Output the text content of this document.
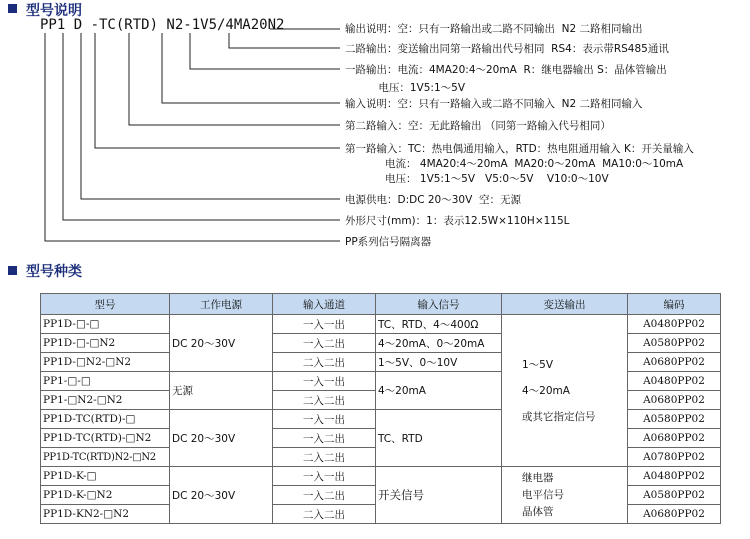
型号说明
PP1 D -TC(RTD) N2-1V5/4MA20N2	输出说明：空：只有一路输出或二路不同输出  N2 二路相同输出
二路输出：变送输出同第一路输出代号相同  RS4：表示带RS485通讯
一路输出：电流：4MA20:4～20mA  R：继电器输出 S：晶体管输出
电压：1V5:1～5V
输入说明：空：只有一路输入或二路不同输入  N2 二路相同输入
第二路输入：空：无此路输出 （同第一路输入代号相同）
第一路输入：TC：热电偶通用输入，RTD：热电阻通用输入 K：开关量输入
电流： 4MA20:4～20mA  MA20:0～20mA  MA10:0～10mA
电压： 1V5:1～5V   V5:0～5V    V10:0～10V
电源供电：D:DC 20～30V  空：无源
外形尺寸(mm)：1：表示12.5W×110H×115L
PP系列信号隔离器
型号种类
型号	工作电源	输入通道	输入信号	变送输出	编码
PP1D-□-□	DC 20～30V	一入一出	TC、RTD、4～400Ω	1～5V
4～20mA
或其它指定信号	A0480PP02
PP1D-□-□N2		一入二出	4～20mA、0～20mA		A0580PP02
PP1D-□N2-□N2		二入二出	1～5V、0～10V		A0680PP02
PP1-□-□	无源	一入一出	4～20mA		A0480PP02
PP1-□N2-□N2		二入二出			A0680PP02
PP1D-TC(RTD)-□	DC 20～30V	一入一出	TC、RTD		A0580PP02
PP1D-TC(RTD)-□N2		一入二出			A0680PP02
PP1D-TC(RTD)N2-□N2		二入二出			A0780PP02
PP1D-K-□	DC 20～30V	一入一出	开关信号	继电器
电平信号
晶体管	A0480PP02
PP1D-K-□N2		一入二出			A0580PP02
PP1D-KN2-□N2		二入二出			A0680PP02
